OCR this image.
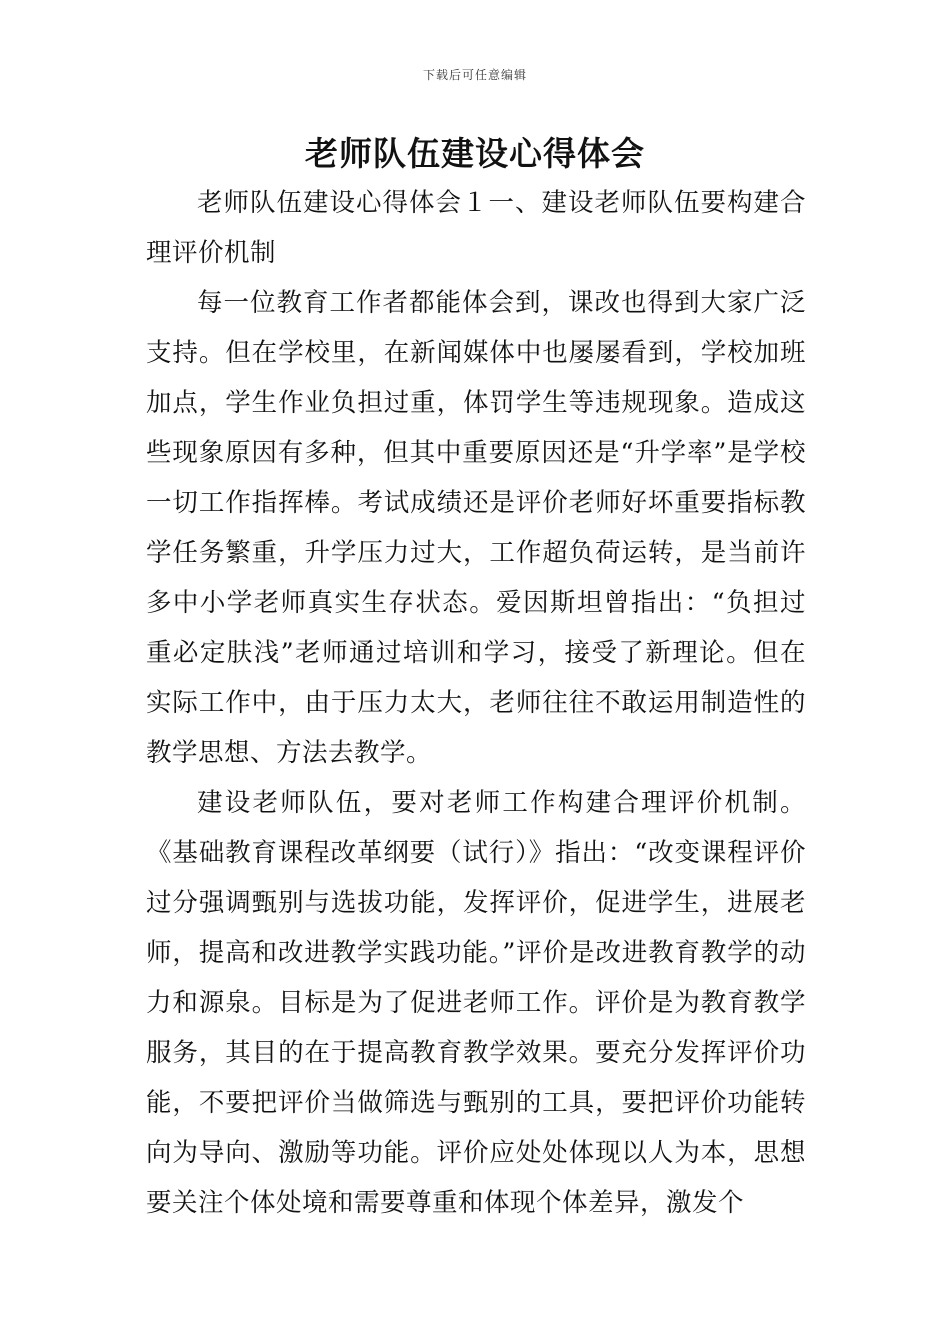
下载后可任意编辑
老师队伍建设心得体会

老师队伍建设心得体会１一、建设老师队伍要构建合理评价机制

每一位教育工作者都能体会到，课改也得到大家广泛支持。但在学校里，在新闻媒体中也屡屡看到，学校加班加点，学生作业负担过重，体罚学生等违规现象。造成这些现象原因有多种，但其中重要原因还是“升学率”是学校一切工作指挥棒。考试成绩还是评价老师好坏重要指标教学任务繁重，升学压力过大，工作超负荷运转，是当前许多中小学老师真实生存状态。爱因斯坦曾指出：“负担过重必定肤浅”老师通过培训和学习，接受了新理论。但在实际工作中，由于压力太大，老师往往不敢运用制造性的教学思想、方法去教学。

建设老师队伍，要对老师工作构建合理评价机制。《基础教育课程改革纲要（试行）》指出：“改变课程评价过分强调甄别与选拔功能，发挥评价，促进学生，进展老师，提高和改进教学实践功能。”评价是改进教育教学的动力和源泉。目标是为了促进老师工作。评价是为教育教学服务，其目的在于提高教育教学效果。要充分发挥评价功能，不要把评价当做筛选与甄别的工具，要把评价功能转向为导向、激励等功能。评价应处处体现以人为本，思想要关注个体处境和需要尊重和体现个体差异，激发个
